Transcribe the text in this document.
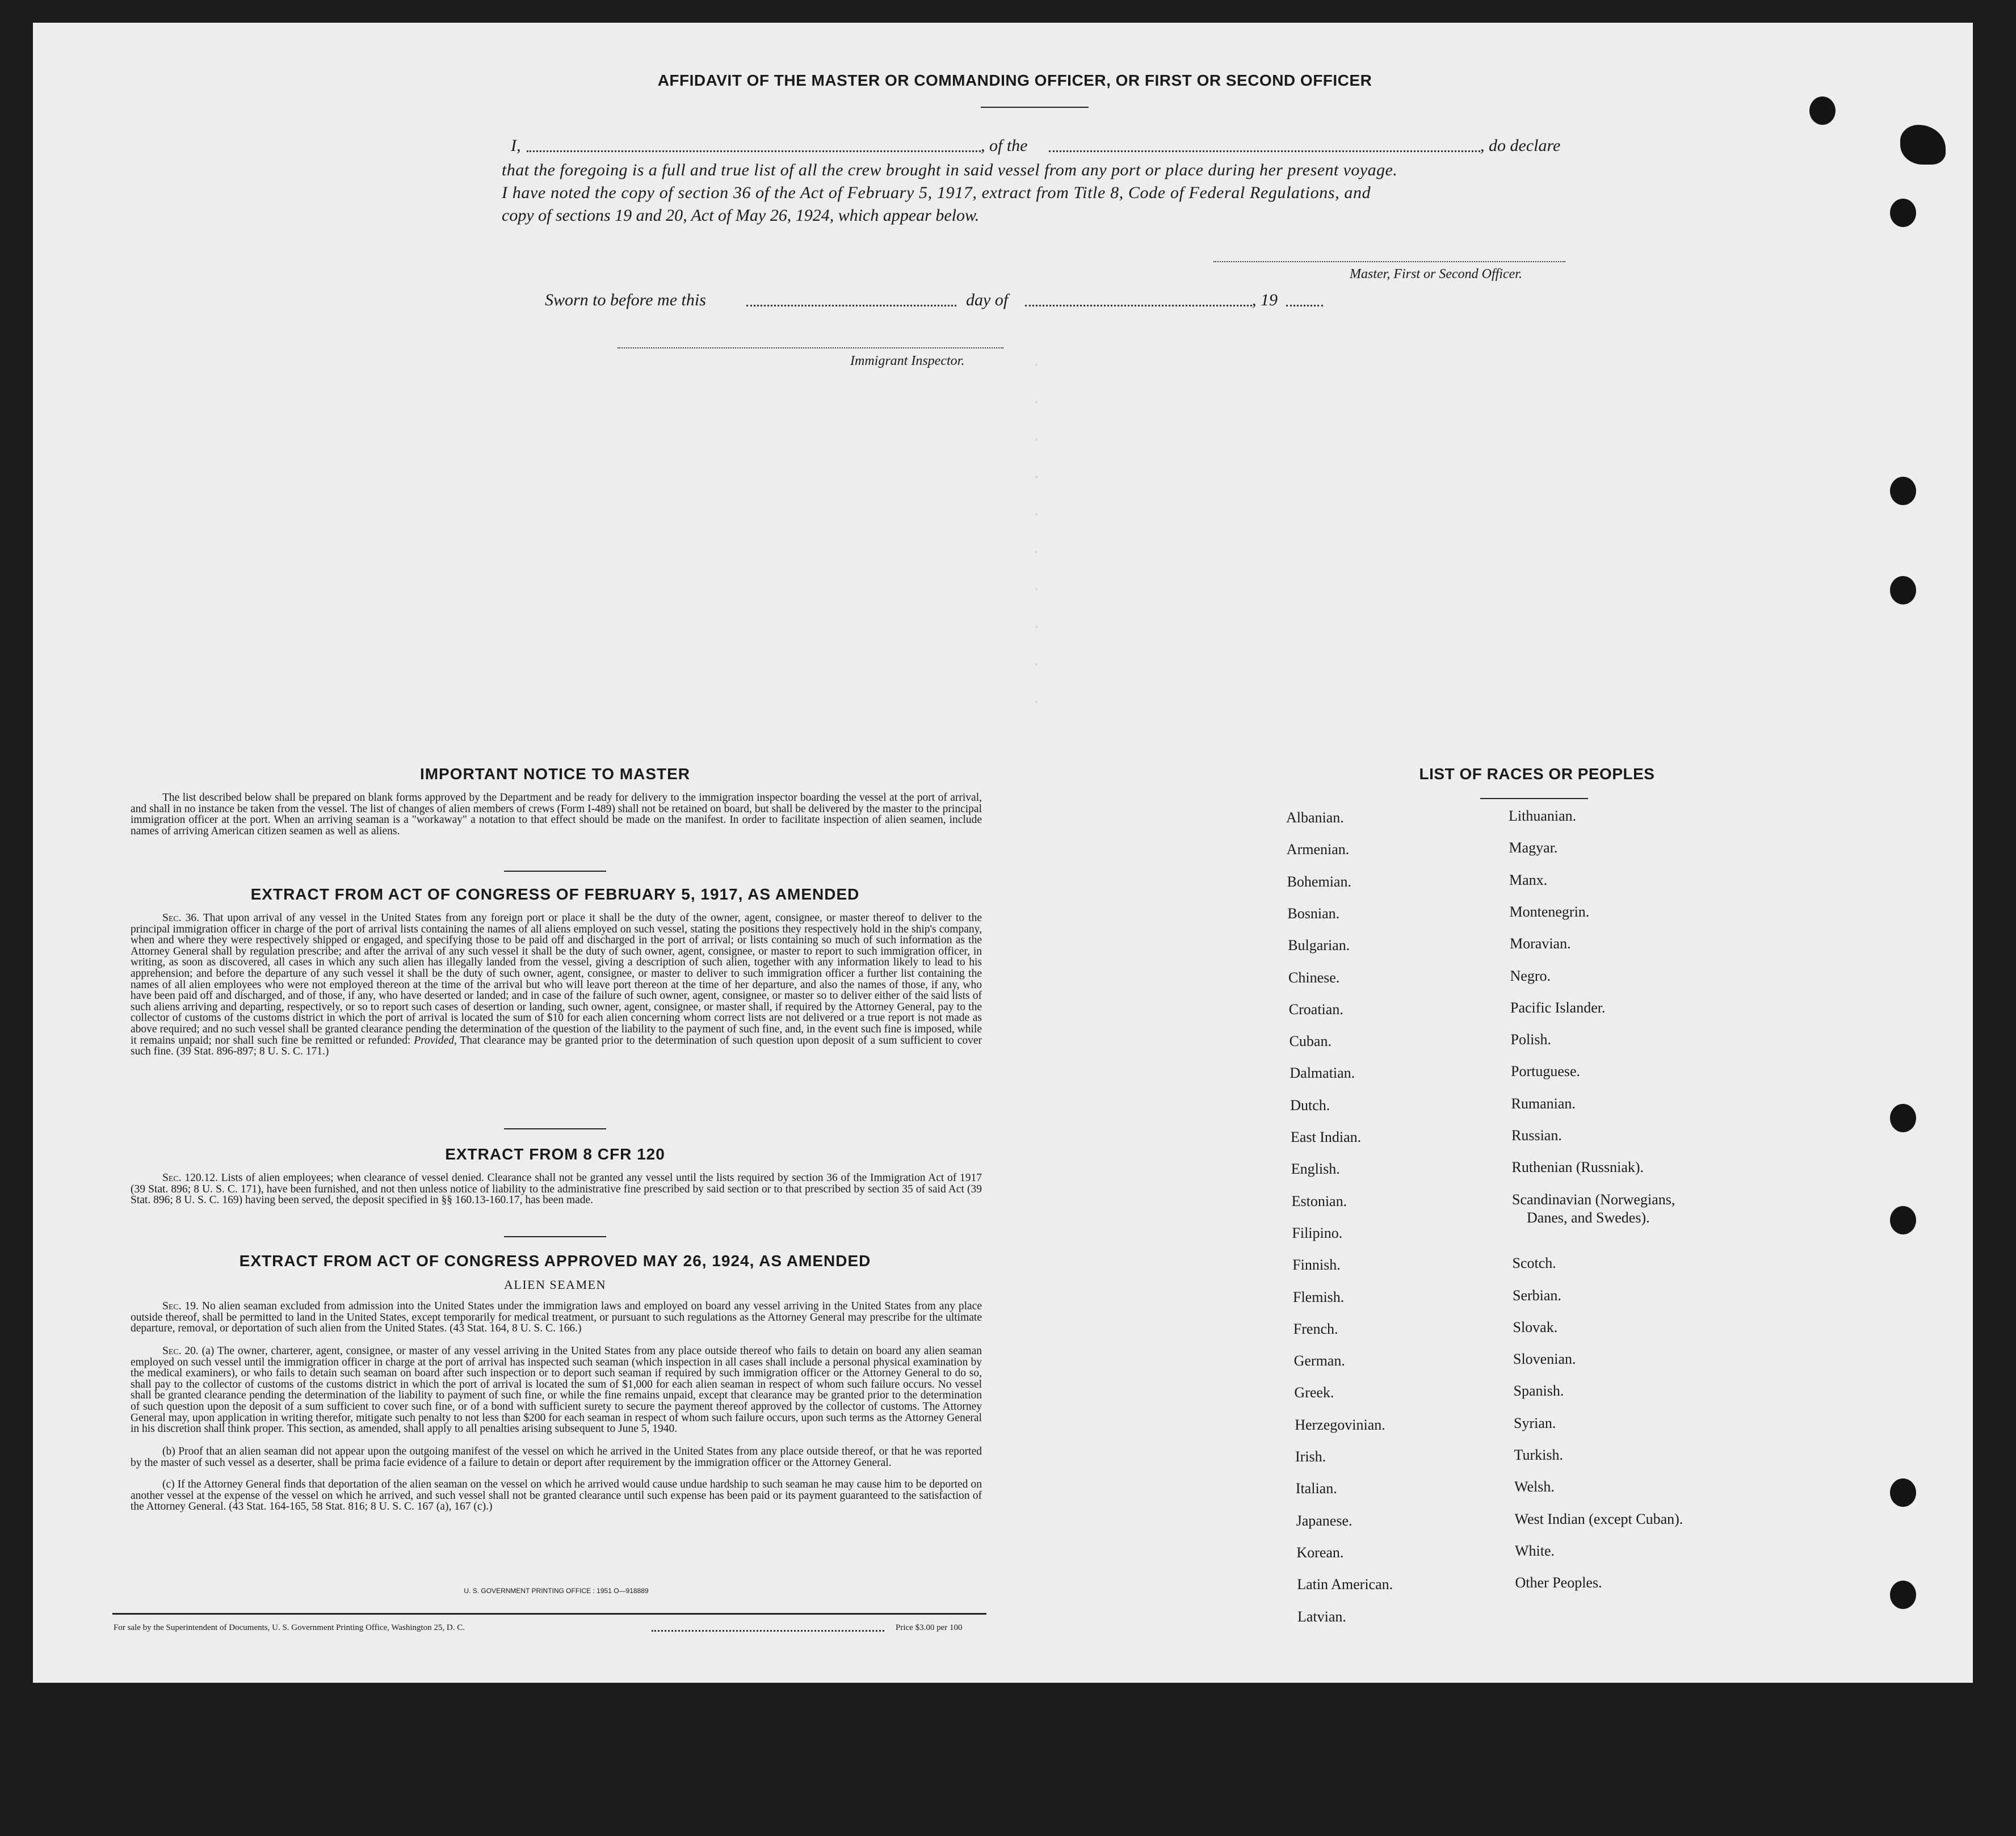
·
·
·
·
·
·
·
·
·
·
AFFIDAVIT OF THE MASTER OR COMMANDING OFFICER, OR FIRST OR SECOND OFFICER
I,	, of the	, do declare
that the foregoing is a full and true list of all the crew brought in said vessel from any port or place during her present voyage.
I have noted the copy of section 36 of the Act of February 5, 1917, extract from Title 8, Code of Federal Regulations, and
copy of sections 19 and 20, Act of May 26, 1924, which appear below.
Master, First or Second Officer.
Sworn to before me this	day of	, 19
Immigrant Inspector.
IMPORTANT NOTICE TO MASTER
The list described below shall be prepared on blank forms approved by the Department and be ready for delivery to the immigration inspector boarding the vessel at the port of arrival, and shall in no instance be taken from the vessel. The list of changes of alien members of crews (Form I-489) shall not be retained on board, but shall be delivered by the master to the principal immigration officer at the port. When an arriving seaman is a "workaway" a notation to that effect should be made on the manifest. In order to facilitate inspection of alien seamen, include names of arriving American citizen seamen as well as aliens.
EXTRACT FROM ACT OF CONGRESS OF FEBRUARY 5, 1917, AS AMENDED
Sec. 36. That upon arrival of any vessel in the United States from any foreign port or place it shall be the duty of the owner, agent, consignee, or master thereof to deliver to the principal immigration officer in charge of the port of arrival lists containing the names of all aliens employed on such vessel, stating the positions they respectively hold in the ship's company, when and where they were respectively shipped or engaged, and specifying those to be paid off and discharged in the port of arrival; or lists containing so much of such information as the Attorney General shall by regulation prescribe; and after the arrival of any such vessel it shall be the duty of such owner, agent, consignee, or master to report to such immigration officer, in writing, as soon as discovered, all cases in which any such alien has illegally landed from the vessel, giving a description of such alien, together with any information likely to lead to his apprehension; and before the departure of any such vessel it shall be the duty of such owner, agent, consignee, or master to deliver to such immigration officer a further list containing the names of all alien employees who were not employed thereon at the time of the arrival but who will leave port thereon at the time of her departure, and also the names of those, if any, who have been paid off and discharged, and of those, if any, who have deserted or landed; and in case of the failure of such owner, agent, consignee, or master so to deliver either of the said lists of such aliens arriving and departing, respectively, or so to report such cases of desertion or landing, such owner, agent, consignee, or master shall, if required by the Attorney General, pay to the collector of customs of the customs district in which the port of arrival is located the sum of $10 for each alien concerning whom correct lists are not delivered or a true report is not made as above required; and no such vessel shall be granted clearance pending the determination of the question of the liability to the payment of such fine, and, in the event such fine is imposed, while it remains unpaid; nor shall such fine be remitted or refunded: Provided, That clearance may be granted prior to the determination of such question upon deposit of a sum sufficient to cover such fine. (39 Stat. 896-897; 8 U. S. C. 171.)
EXTRACT FROM 8 CFR 120
Sec. 120.12. Lists of alien employees; when clearance of vessel denied. Clearance shall not be granted any vessel until the lists required by section 36 of the Immigration Act of 1917 (39 Stat. 896; 8 U. S. C. 171), have been furnished, and not then unless notice of liability to the administrative fine prescribed by said section or to that prescribed by section 35 of said Act (39 Stat. 896; 8 U. S. C. 169) having been served, the deposit specified in §§ 160.13-160.17, has been made.
EXTRACT FROM ACT OF CONGRESS APPROVED MAY 26, 1924, AS AMENDED
ALIEN SEAMEN
Sec. 19. No alien seaman excluded from admission into the United States under the immigration laws and employed on board any vessel arriving in the United States from any place outside thereof, shall be permitted to land in the United States, except temporarily for medical treatment, or pursuant to such regulations as the Attorney General may prescribe for the ultimate departure, removal, or deportation of such alien from the United States. (43 Stat. 164, 8 U. S. C. 166.)
Sec. 20. (a) The owner, charterer, agent, consignee, or master of any vessel arriving in the United States from any place outside thereof who fails to detain on board any alien seaman employed on such vessel until the immigration officer in charge at the port of arrival has inspected such seaman (which inspection in all cases shall include a personal physical examination by the medical examiners), or who fails to detain such seaman on board after such inspection or to deport such seaman if required by such immigration officer or the Attorney General to do so, shall pay to the collector of customs of the customs district in which the port of arrival is located the sum of $1,000 for each alien seaman in respect of whom such failure occurs. No vessel shall be granted clearance pending the determination of the liability to payment of such fine, or while the fine remains unpaid, except that clearance may be granted prior to the determination of such question upon the deposit of a sum sufficient to cover such fine, or of a bond with sufficient surety to secure the payment thereof approved by the collector of customs. The Attorney General may, upon application in writing therefor, mitigate such penalty to not less than $200 for each seaman in respect of whom such failure occurs, upon such terms as the Attorney General in his discretion shall think proper. This section, as amended, shall apply to all penalties arising subsequent to June 5, 1940.
(b) Proof that an alien seaman did not appear upon the outgoing manifest of the vessel on which he arrived in the United States from any place outside thereof, or that he was reported by the master of such vessel as a deserter, shall be prima facie evidence of a failure to detain or deport after requirement by the immigration officer or the Attorney General.
(c) If the Attorney General finds that deportation of the alien seaman on the vessel on which he arrived would cause undue hardship to such seaman he may cause him to be deported on another vessel at the expense of the vessel on which he arrived, and such vessel shall not be granted clearance until such expense has been paid or its payment guaranteed to the satisfaction of the Attorney General. (43 Stat. 164-165, 58 Stat. 816; 8 U. S. C. 167 (a), 167 (c).)
U. S. GOVERNMENT PRINTING OFFICE : 1951 O—918889
For sale by the Superintendent of Documents, U. S. Government Printing Office, Washington 25, D. C.	Price $3.00 per 100
LIST OF RACES OR PEOPLES
Albanian.
Armenian.
Bohemian.
Bosnian.
Bulgarian.
Chinese.
Croatian.
Cuban.
Dalmatian.
Dutch.
East Indian.
English.
Estonian.
Filipino.
Finnish.
Flemish.
French.
German.
Greek.
Herzegovinian.
Irish.
Italian.
Japanese.
Korean.
Latin American.
Latvian.
Lithuanian.
Magyar.
Manx.
Montenegrin.
Moravian.
Negro.
Pacific Islander.
Polish.
Portuguese.
Rumanian.
Russian.
Ruthenian (Russniak).
Scandinavian (Norwegians,
Danes, and Swedes).
Scotch.
Serbian.
Slovak.
Slovenian.
Spanish.
Syrian.
Turkish.
Welsh.
West Indian (except Cuban).
White.
Other Peoples.
